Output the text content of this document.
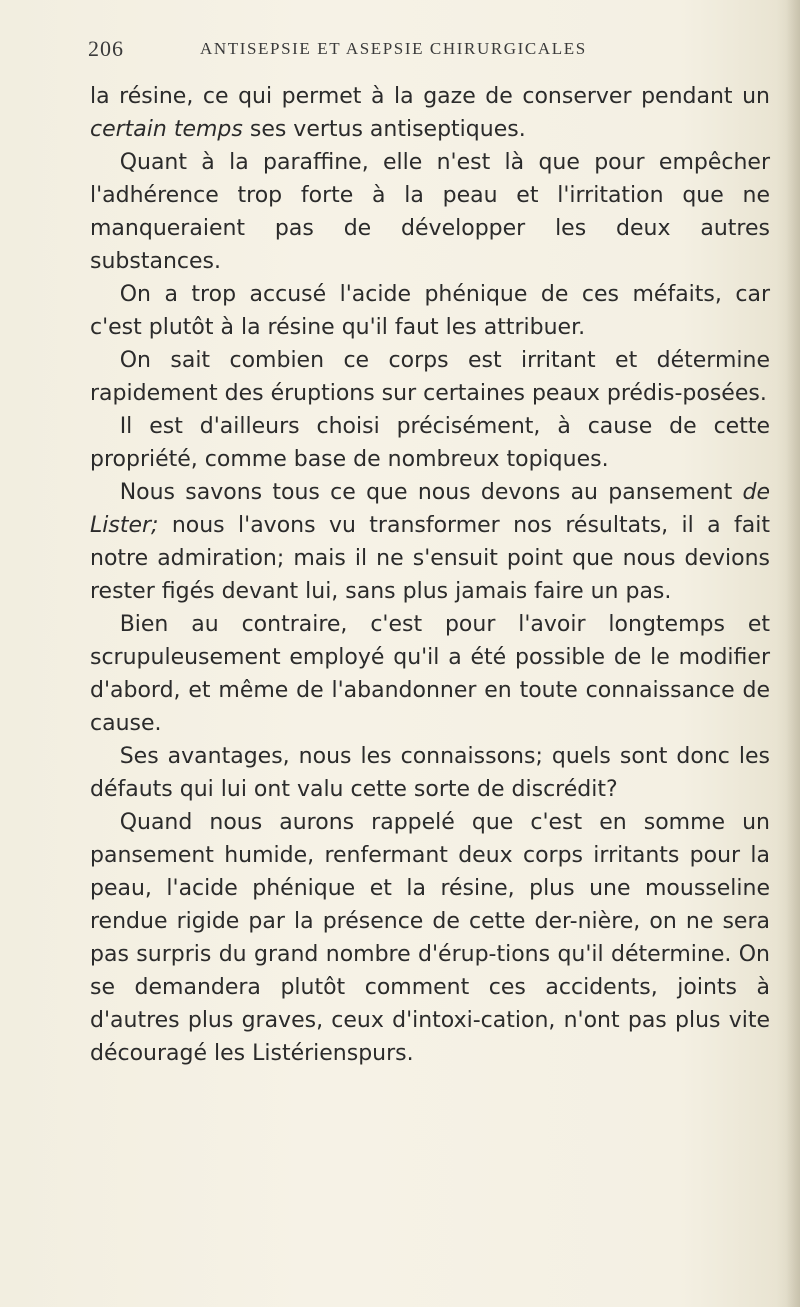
206	ANTISEPSIE ET ASEPSIE CHIRURGICALES

la résine, ce qui permet à la gaze de conserver pendant un certain temps ses vertus antiseptiques.

Quant à la paraffine, elle n'est là que pour empêcher l'adhérence trop forte à la peau et l'irritation que ne manqueraient pas de développer les deux autres substances.

On a trop accusé l'acide phénique de ces méfaits, car c'est plutôt à la résine qu'il faut les attribuer.

On sait combien ce corps est irritant et détermine rapidement des éruptions sur certaines peaux prédis-posées.

Il est d'ailleurs choisi précisément, à cause de cette propriété, comme base de nombreux topiques.

Nous savons tous ce que nous devons au pansement de Lister; nous l'avons vu transformer nos résultats, il a fait notre admiration; mais il ne s'ensuit point que nous devions rester figés devant lui, sans plus jamais faire un pas.

Bien au contraire, c'est pour l'avoir longtemps et scrupuleusement employé qu'il a été possible de le modifier d'abord, et même de l'abandonner en toute connaissance de cause.

Ses avantages, nous les connaissons; quels sont donc les défauts qui lui ont valu cette sorte de discrédit?

Quand nous aurons rappelé que c'est en somme un pansement humide, renfermant deux corps irritants pour la peau, l'acide phénique et la résine, plus une mousseline rendue rigide par la présence de cette der-nière, on ne sera pas surpris du grand nombre d'érup-tions qu'il détermine. On se demandera plutôt comment ces accidents, joints à d'autres plus graves, ceux d'intoxi-cation, n'ont pas plus vite découragé les Listérienspurs.
